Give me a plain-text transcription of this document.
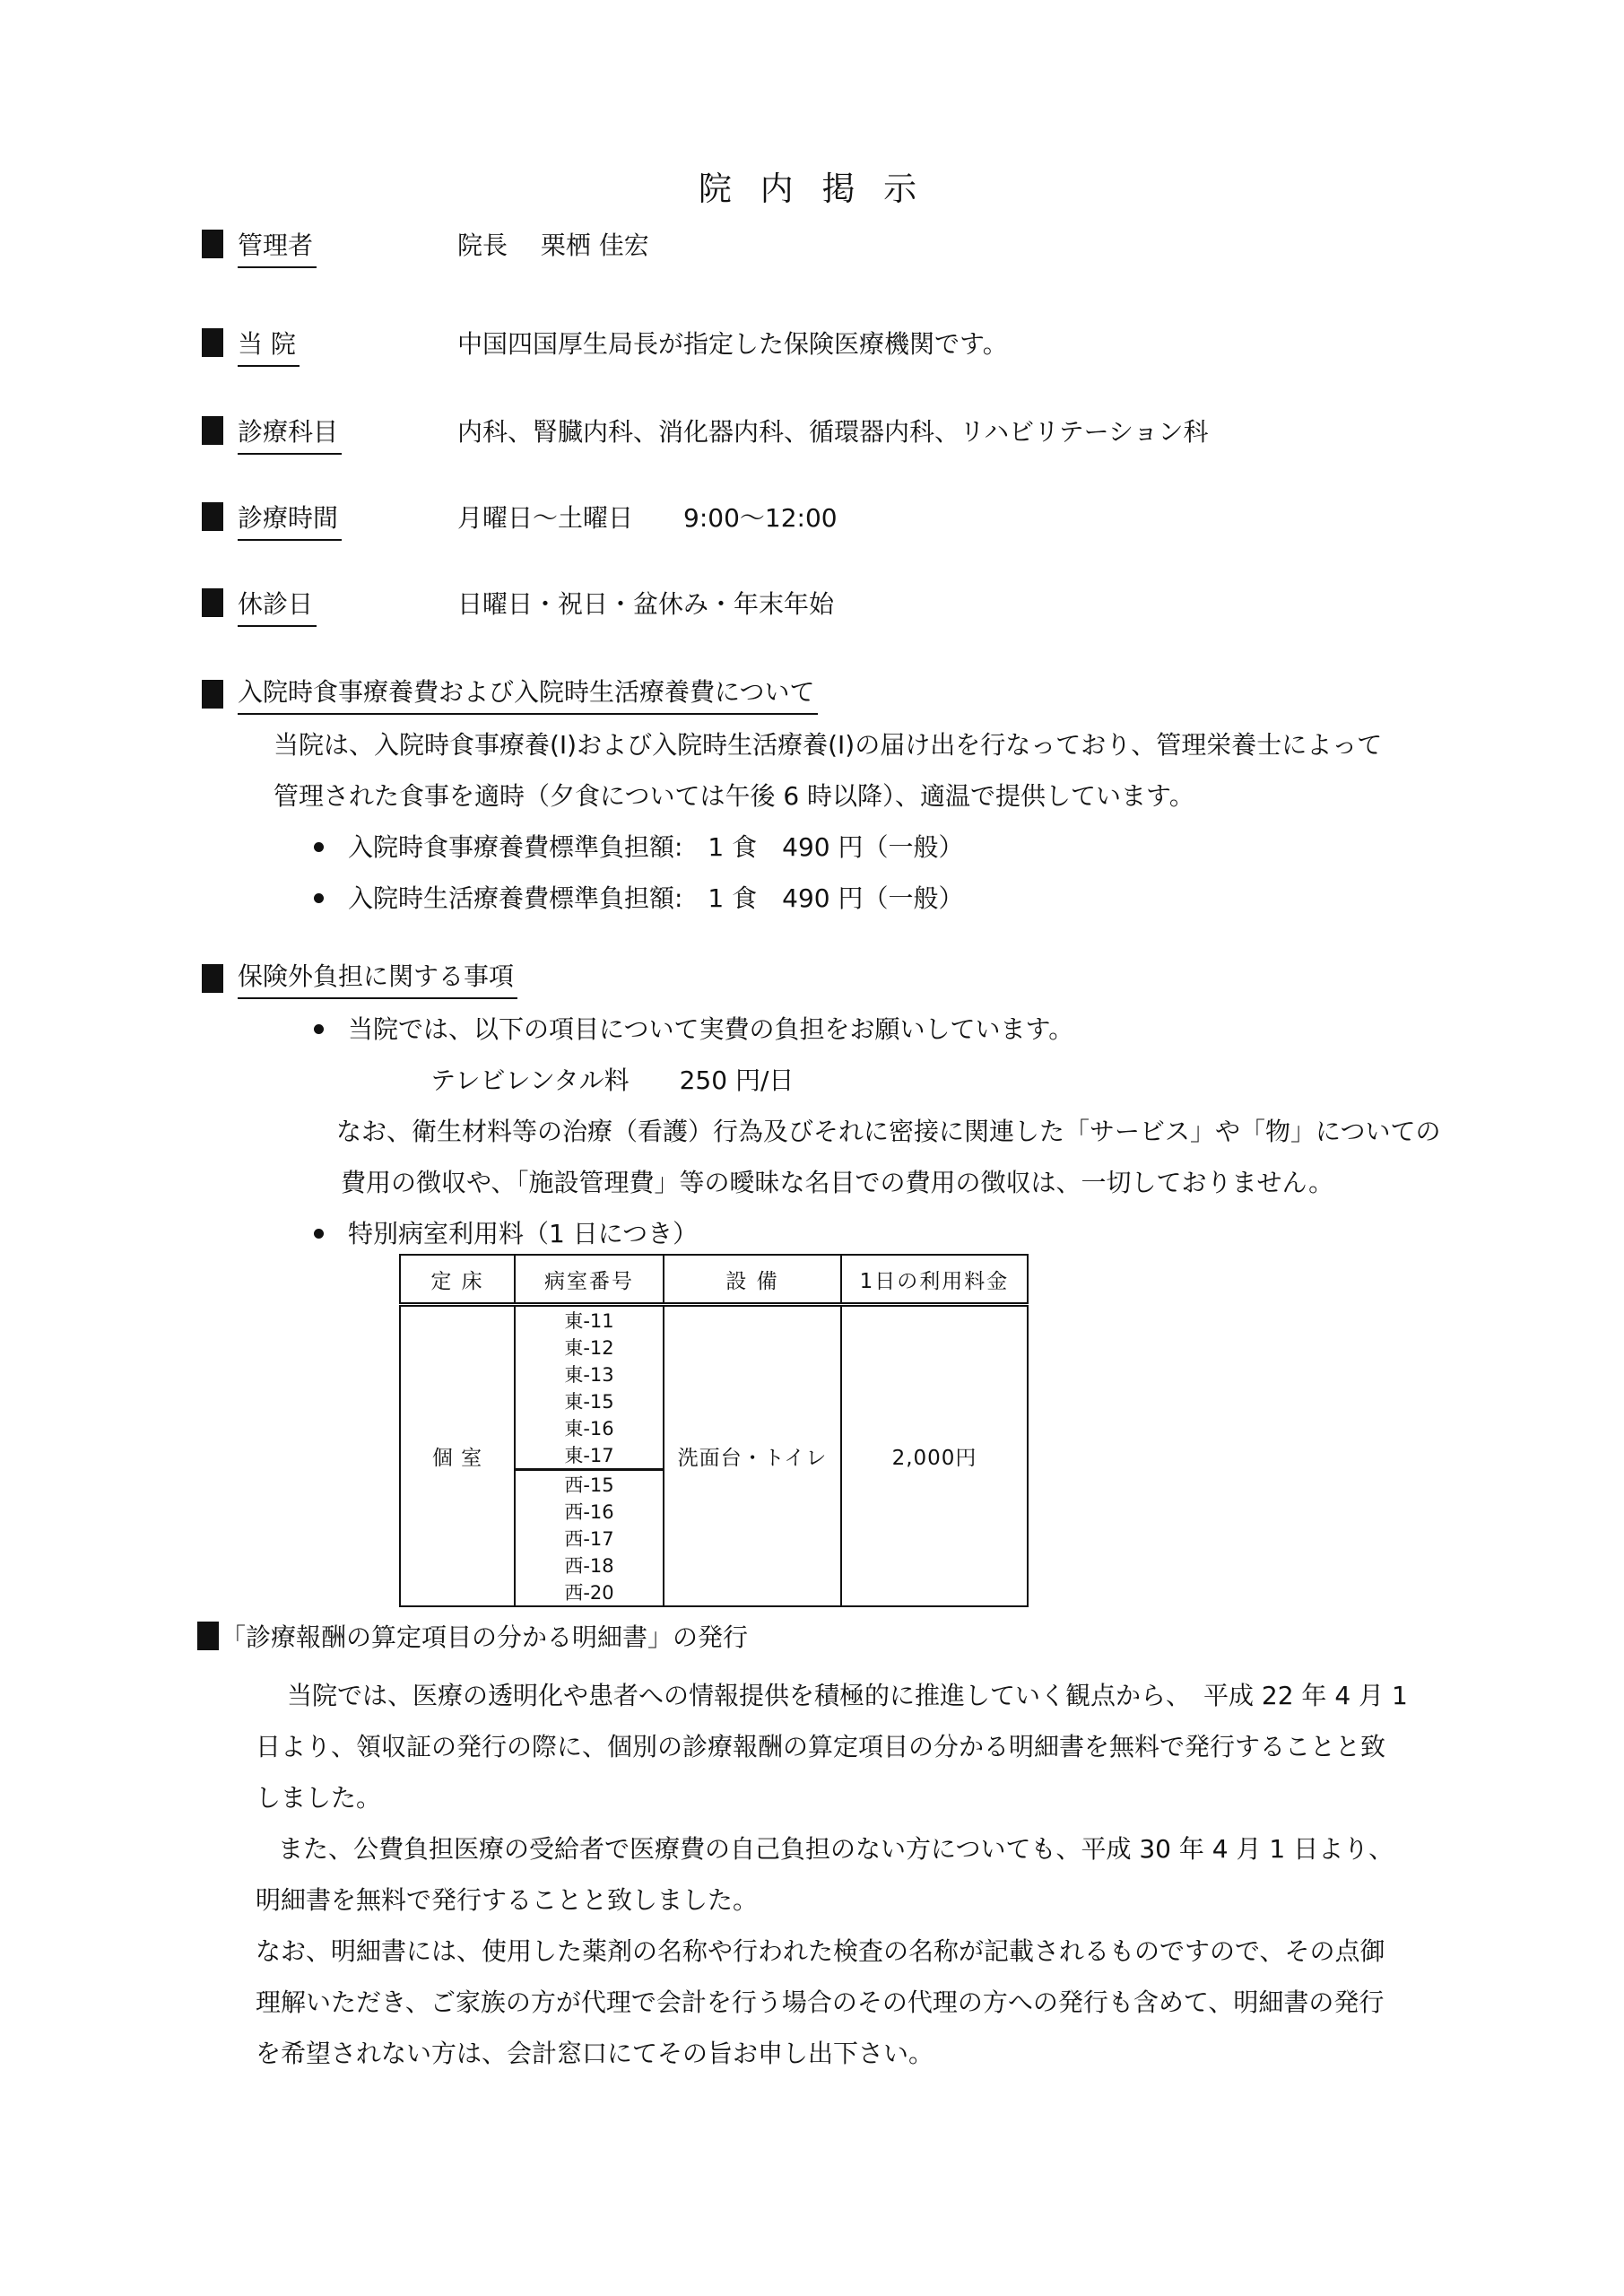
院 内 掲 示
管理者	院長　 栗栖 佳宏
当 院	中国四国厚生局長が指定した保険医療機関です。
診療科目	内科、腎臓内科、消化器内科、循環器内科、リハビリテーション科
診療時間	月曜日～土曜日　　9:00～12:00
休診日	日曜日・祝日・盆休み・年末年始
入院時食事療養費および入院時生活療養費について
当院は、入院時食事療養(I)および入院時生活療養(I)の届け出を行なっており、管理栄養士によって
管理された食事を適時（夕食については午後 6 時以降）、適温で提供しています。
入院時食事療養費標準負担額:　1 食　490 円（一般）
入院時生活療養費標準負担額:　1 食　490 円（一般）
保険外負担に関する事項
当院では、以下の項目について実費の負担をお願いしています。
テレビレンタル料　　250 円/日
なお、衛生材料等の治療（看護）行為及びそれに密接に関連した「サービス」や「物」についての
費用の徴収や、「施設管理費」等の曖昧な名目での費用の徴収は、一切しておりません。
特別病室利用料（1 日につき）
定 床	病室番号	設 備	1日の利用料金
個 室	東-11	洗面台・トイレ	2,000円
	東-12		
	東-13		
	東-15		
	東-16		
	東-17		
	西-15		
	西-16		
	西-17		
	西-18		
	西-20		
「診療報酬の算定項目の分かる明細書」の発行
当院では、医療の透明化や患者への情報提供を積極的に推進していく観点から、　平成 22 年 4 月 1
日より、領収証の発行の際に、個別の診療報酬の算定項目の分かる明細書を無料で発行することと致
しました。
また、公費負担医療の受給者で医療費の自己負担のない方についても、平成 30 年 4 月 1 日より、
明細書を無料で発行することと致しました。
なお、明細書には、使用した薬剤の名称や行われた検査の名称が記載されるものですので、その点御
理解いただき、ご家族の方が代理で会計を行う場合のその代理の方への発行も含めて、明細書の発行
を希望されない方は、会計窓口にてその旨お申し出下さい。
